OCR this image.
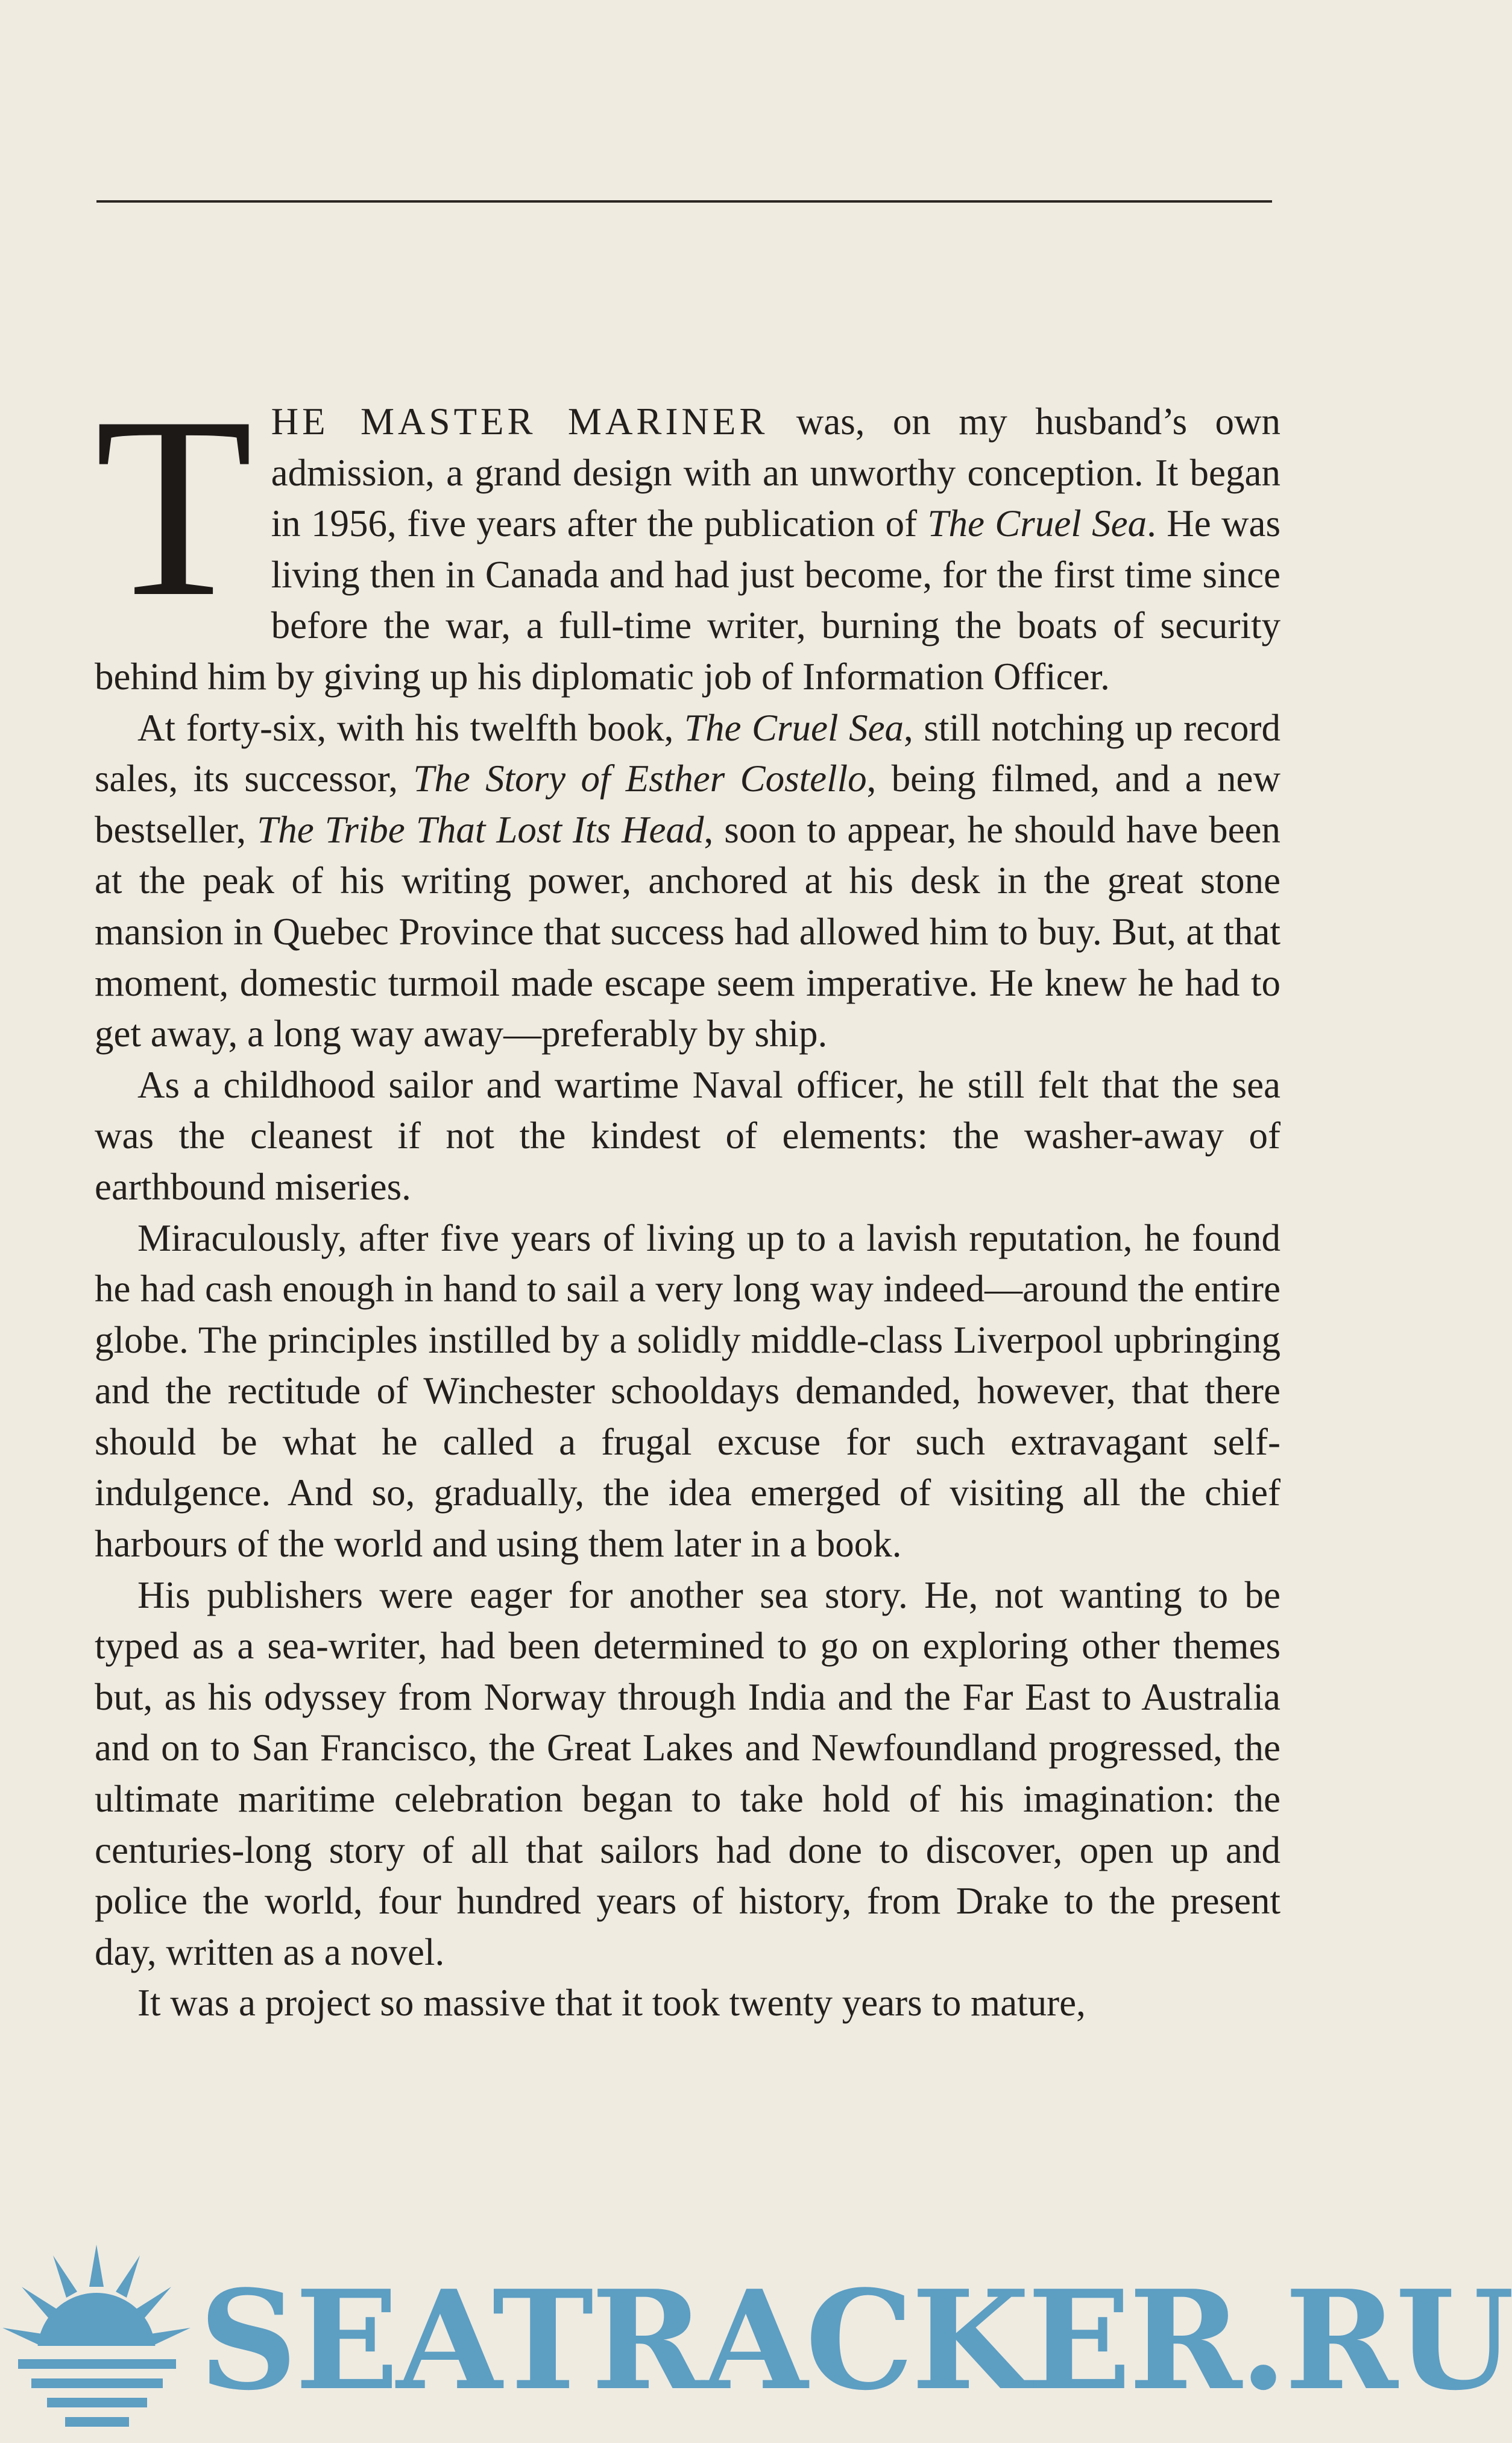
THE MASTER MARINER was, on my husband’s own admission, a grand design with an unworthy conception. It began in 1956, five years after the publication of The Cruel Sea. He was living then in Canada and had just become, for the first time since before the war, a full-time writer, burning the boats of security behind him by giving up his diplomatic job of Information Officer.

At forty-six, with his twelfth book, The Cruel Sea, still notching up record sales, its successor, The Story of Esther Costello, being filmed, and a new bestseller, The Tribe That Lost Its Head, soon to appear, he should have been at the peak of his writing power, anchored at his desk in the great stone mansion in Quebec Province that success had allowed him to buy. But, at that moment, domestic turmoil made escape seem imperative. He knew he had to get away, a long way away—preferably by ship.

As a childhood sailor and wartime Naval officer, he still felt that the sea was the cleanest if not the kindest of elements: the washer-away of earthbound miseries.

Miraculously, after five years of living up to a lavish reputation, he found he had cash enough in hand to sail a very long way indeed—around the entire globe. The principles instilled by a solidly middle-class Liverpool upbringing and the rectitude of Winchester schooldays demanded, however, that there should be what he called a frugal excuse for such extravagant self-indulgence. And so, gradually, the idea emerged of visiting all the chief harbours of the world and using them later in a book.

His publishers were eager for another sea story. He, not wanting to be typed as a sea-writer, had been determined to go on exploring other themes but, as his odyssey from Norway through India and the Far East to Australia and on to San Francisco, the Great Lakes and Newfoundland progressed, the ultimate maritime celebration began to take hold of his imagination: the centuries-long story of all that sailors had done to discover, open up and police the world, four hundred years of history, from Drake to the present day, written as a novel.

It was a project so massive that it took twenty years to mature,

SEATRACKER.RU
